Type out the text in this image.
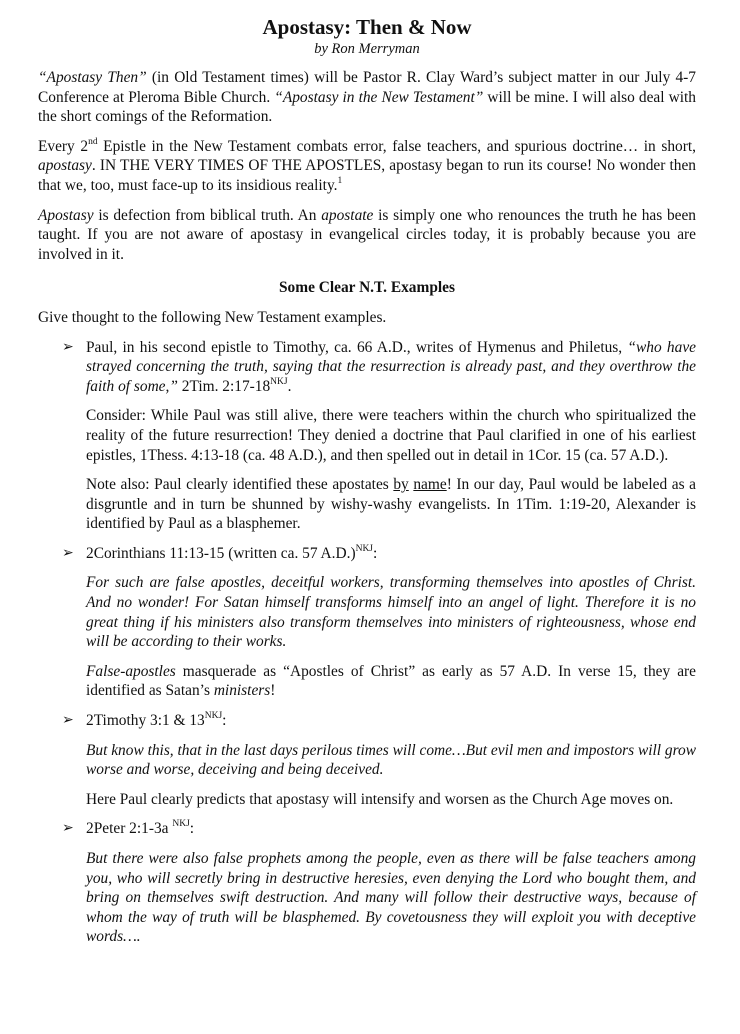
Apostasy: Then & Now
by Ron Merryman

“Apostasy Then” (in Old Testament times) will be Pastor R. Clay Ward’s subject matter in our July 4-7 Conference at Pleroma Bible Church. “Apostasy in the New Testament” will be mine. I will also deal with the short comings of the Reformation.

Every 2nd Epistle in the New Testament combats error, false teachers, and spurious doctrine… in short, apostasy. IN THE VERY TIMES OF THE APOSTLES, apostasy began to run its course! No wonder then that we, too, must face-up to its insidious reality.$^1$

Apostasy is defection from biblical truth. An apostate is simply one who renounces the truth he has been taught. If you are not aware of apostasy in evangelical circles today, it is probably because you are involved in it.

Some Clear N.T. Examples

Give thought to the following New Testament examples.

➢ Paul, in his second epistle to Timothy, ca. 66 A.D., writes of Hymenus and Philetus, “who have strayed concerning the truth, saying that the resurrection is already past, and they overthrow the faith of some,” 2Tim. $2:17-18^{NKJ}$.

Consider: While Paul was still alive, there were teachers within the church who spiritualized the reality of the future resurrection! They denied a doctrine that Paul clarified in one of his earliest epistles, 1Thess. 4:13-18 (ca. 48 A.D.), and then spelled out in detail in 1Cor. 15 (ca. 57 A.D.).

Note also: Paul clearly identified these apostates by name! In our day, Paul would be labeled as a disgruntle and in turn be shunned by wishy-washy evangelists. In 1Tim. 1:19-20, Alexander is identified by Paul as a blasphemer.

➢ 2Corinthians 11:13-15 (written ca. 57 A.D.)$^{NKJ}$:

For such are false apostles, deceitful workers, transforming themselves into apostles of Christ. And no wonder! For Satan himself transforms himself into an angel of light. Therefore it is no great thing if his ministers also transform themselves into ministers of righteousness, whose end will be according to their works.

False-apostles masquerade as “Apostles of Christ” as early as 57 A.D. In verse 15, they are identified as Satan’s ministers!

➢ 2Timothy 3:1 & $13^{NKJ}$:

But know this, that in the last days perilous times will come…But evil men and impostors will grow worse and worse, deceiving and being deceived.

Here Paul clearly predicts that apostasy will intensify and worsen as the Church Age moves on.

➢ 2Peter 2:1-3a $^{NKJ}$:

But there were also false prophets among the people, even as there will be false teachers among you, who will secretly bring in destructive heresies, even denying the Lord who bought them, and bring on themselves swift destruction. And many will follow their destructive ways, because of whom the way of truth will be blasphemed. By covetousness they will exploit you with deceptive words….
